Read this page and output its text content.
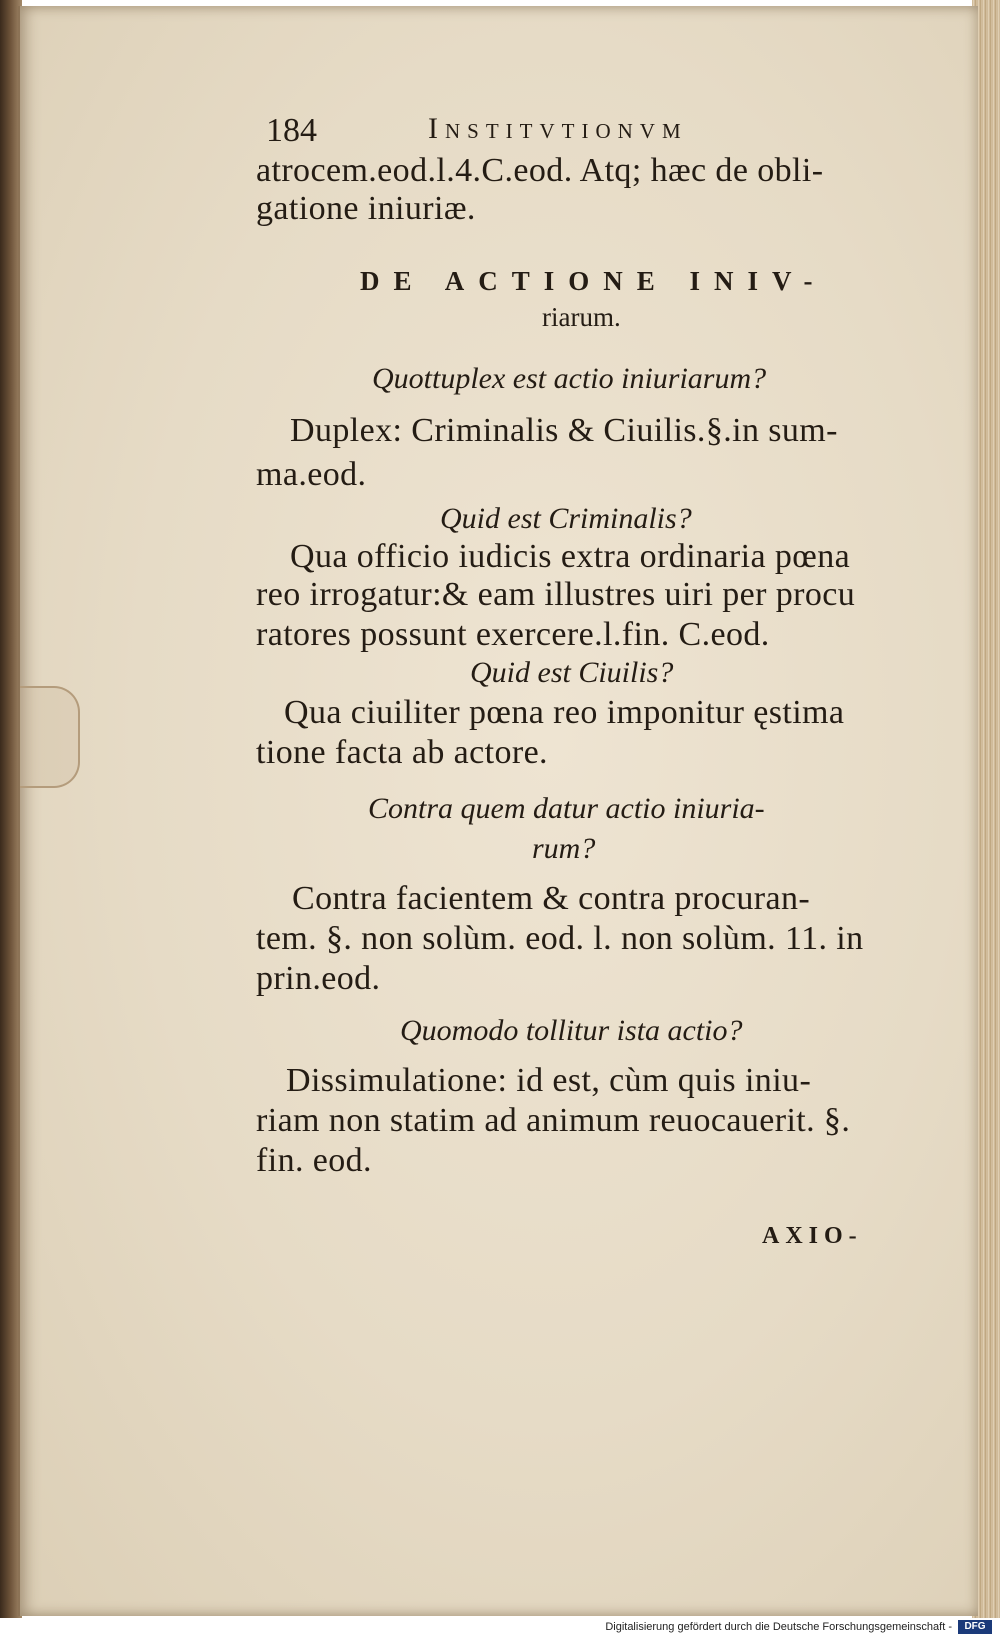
184	Institvtionvm
atrocem.eod.l.4.C.eod. Atq; hæc de obli-
gatione iniuriæ.
DE ACTIONE INIV-
riarum.
Quottuplex est actio iniuriarum?
Duplex: Criminalis & Ciuilis.§.in sum-
ma.eod.
Quid est Criminalis?
Qua officio iudicis extra ordinaria pœna
reo irrogatur:& eam illustres uiri per procu
ratores possunt exercere.l.fin. C.eod.
Quid est Ciuilis?
Qua ciuiliter pœna reo imponitur ęstima
tione facta ab actore.
Contra quem datur actio iniuria-
rum?
Contra facientem & contra procuran-
tem. §. non solùm. eod. l. non solùm. 11. in
prin.eod.
Quomodo tollitur ista actio?
Dissimulatione: id est, cùm quis iniu-
riam non statim ad animum reuocauerit. §.
fin. eod.
AXIO-
Digitalisierung gefördert durch die Deutsche Forschungsgemeinschaft -	DFG
